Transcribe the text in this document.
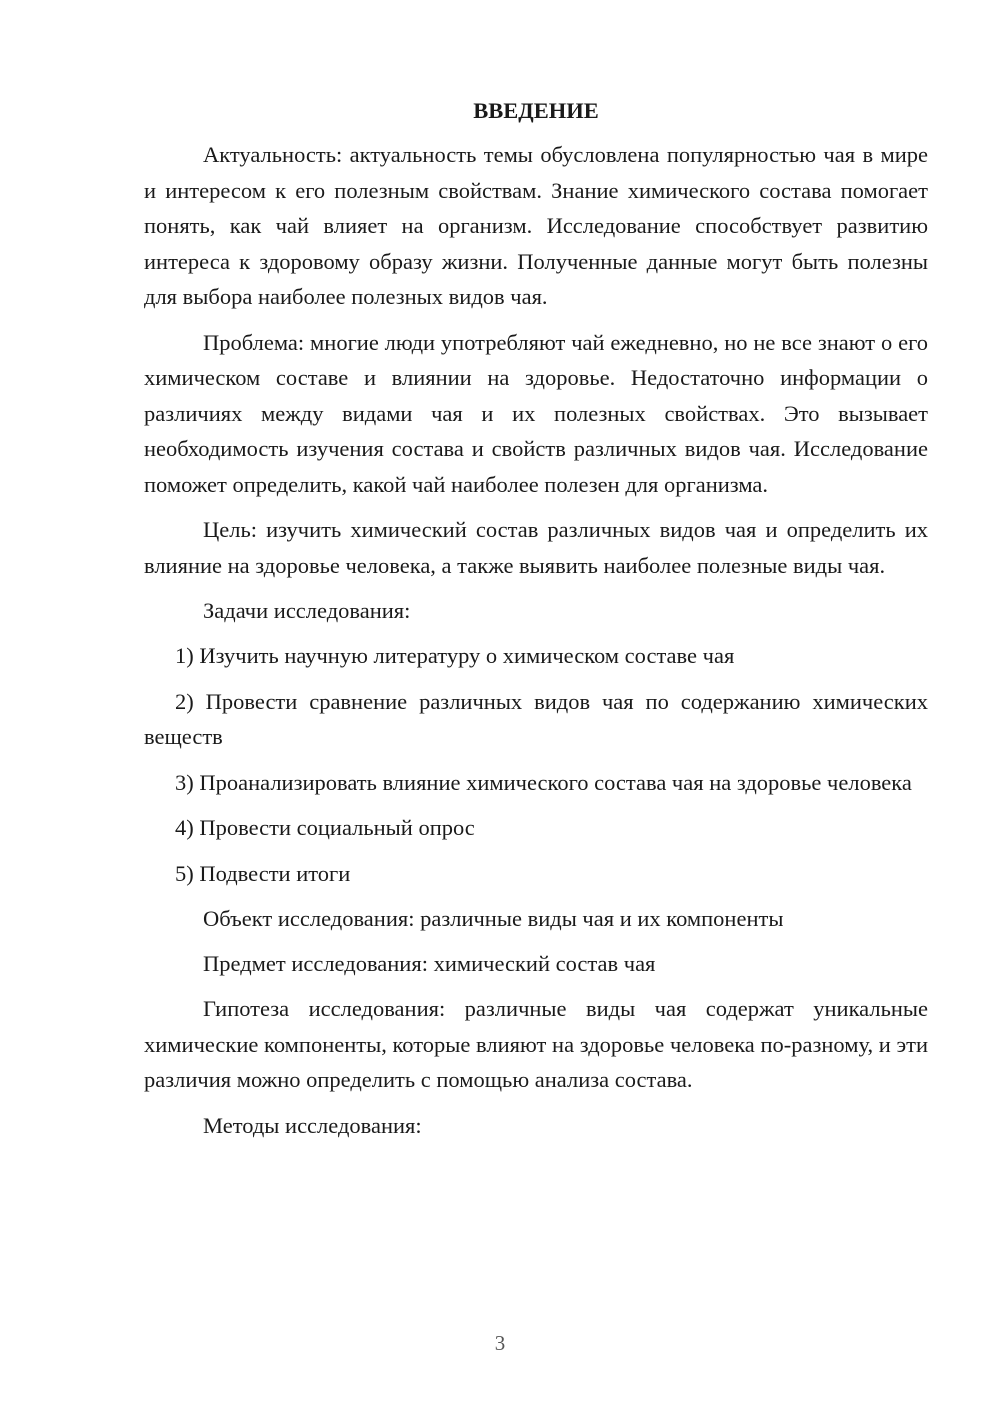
ВВЕДЕНИЕ

Актуальность: актуальность темы обусловлена популярностью чая в мире и интересом к его полезным свойствам. Знание химического состава помогает понять, как чай влияет на организм. Исследование способствует развитию интереса к здоровому образу жизни. Полученные данные могут быть полезны для выбора наиболее полезных видов чая.

Проблема: многие люди употребляют чай ежедневно, но не все знают о его химическом составе и влиянии на здоровье. Недостаточно информации о различиях между видами чая и их полезных свойствах. Это вызывает необходимость изучения состава и свойств различных видов чая. Исследование поможет определить, какой чай наиболее полезен для организма.

Цель: изучить химический состав различных видов чая и определить их влияние на здоровье человека, а также выявить наиболее полезные виды чая.

Задачи исследования:

1) Изучить научную литературу о химическом составе чая

2) Провести сравнение различных видов чая по содержанию химических веществ

3) Проанализировать влияние химического состава чая на здоровье человека

4) Провести социальный опрос

5) Подвести итоги

Объект исследования: различные виды чая и их компоненты

Предмет исследования: химический состав чая

Гипотеза исследования: различные виды чая содержат уникальные химические компоненты, которые влияют на здоровье человека по-разному, и эти различия можно определить с помощью анализа состава.

Методы исследования:

3
